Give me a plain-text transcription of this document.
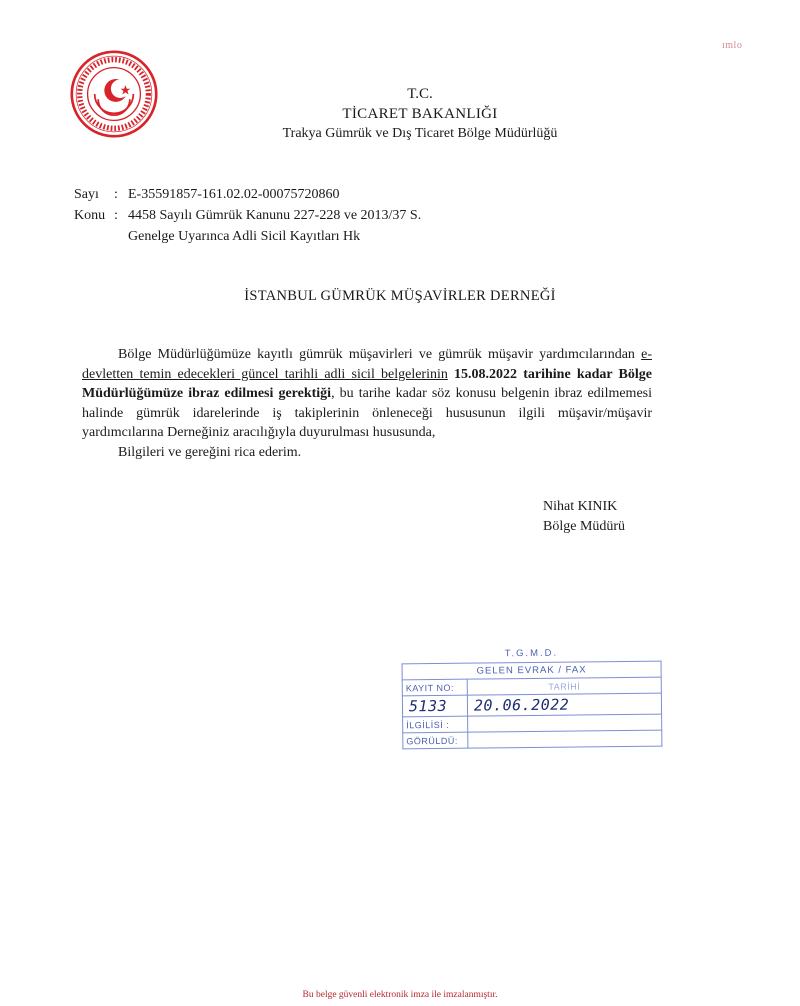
ımlo
T.C.
TİCARET BAKANLIĞI
Trakya Gümrük ve Dış Ticaret Bölge Müdürlüğü
Sayı	: E-35591857-161.02.02-00075720860
Konu : 4458 Sayılı Gümrük Kanunu 227-228 ve 2013/37 S.
Genelge Uyarınca Adli Sicil Kayıtları Hk
İSTANBUL GÜMRÜK MÜŞAVİRLER DERNEĞİ

Bölge Müdürlüğümüze kayıtlı gümrük müşavirleri ve gümrük müşavir yardımcılarından e-devletten temin edecekleri güncel tarihli adli sicil belgelerinin 15.08.2022 tarihine kadar Bölge Müdürlüğümüze ibraz edilmesi gerektiği, bu tarihe kadar söz konusu belgenin ibraz edilmemesi halinde gümrük idarelerinde iş takiplerinin önleneceği hususunun ilgili müşavir/müşavir yardımcılarına Derneğiniz aracılığıyla duyurulması hususunda,

Bilgileri ve gereğini rica ederim.

Nihat KINIK
Bölge Müdürü
T.G.M.D.
GELEN EVRAK / FAX	
KAYIT NO:	TARİHİ
5133	20.06.2022
İLGİLİSİ :	
GÖRÜLDÜ:	
Bu belge güvenli elektronik imza ile imzalanmıştır.
